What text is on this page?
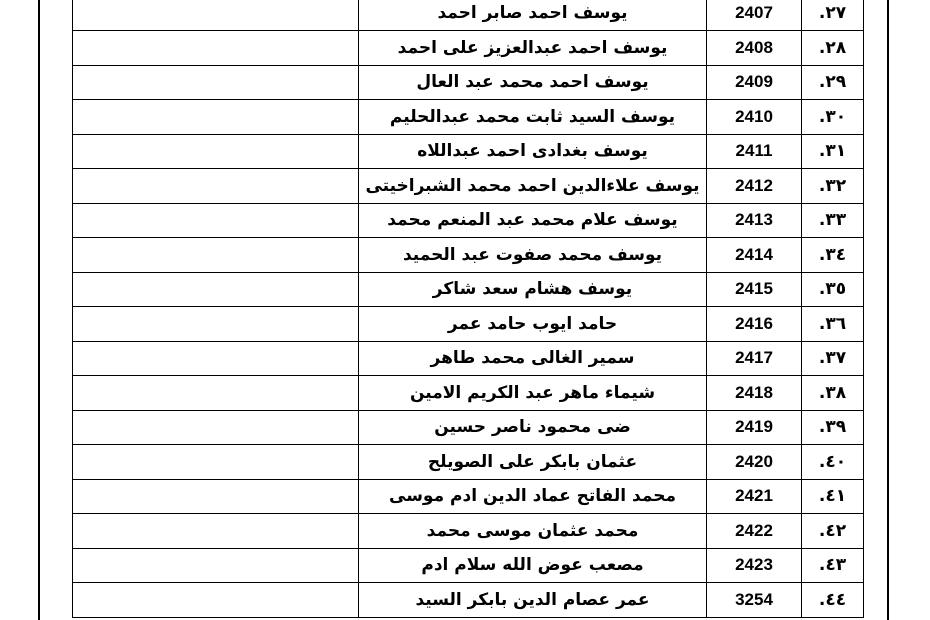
٢٧.	2407	يوسف احمد صابر احمد	
٢٨.	2408	يوسف احمد عبدالعزيز على احمد	
٢٩.	2409	يوسف احمد محمد عبد العال	
٣٠.	2410	يوسف السيد ثابت محمد عبدالحليم	
٣١.	2411	يوسف بغدادى احمد عبداللاه	
٣٢.	2412	يوسف علاءالدين احمد محمد الشبراخيتى	
٣٣.	2413	يوسف علام محمد عبد المنعم محمد	
٣٤.	2414	يوسف محمد صفوت عبد الحميد	
٣٥.	2415	يوسف هشام سعد شاكر	
٣٦.	2416	حامد ايوب حامد عمر	
٣٧.	2417	سمير الغالى محمد طاهر	
٣٨.	2418	شيماء ماهر عبد الكريم الامين	
٣٩.	2419	ضى محمود ناصر حسين	
٤٠.	2420	عثمان بابكر على الصويلح	
٤١.	2421	محمد الفاتح عماد الدين ادم موسى	
٤٢.	2422	محمد عثمان موسى محمد	
٤٣.	2423	مصعب عوض الله سلام ادم	
٤٤.	3254	عمر عصام الدين بابكر السيد	
